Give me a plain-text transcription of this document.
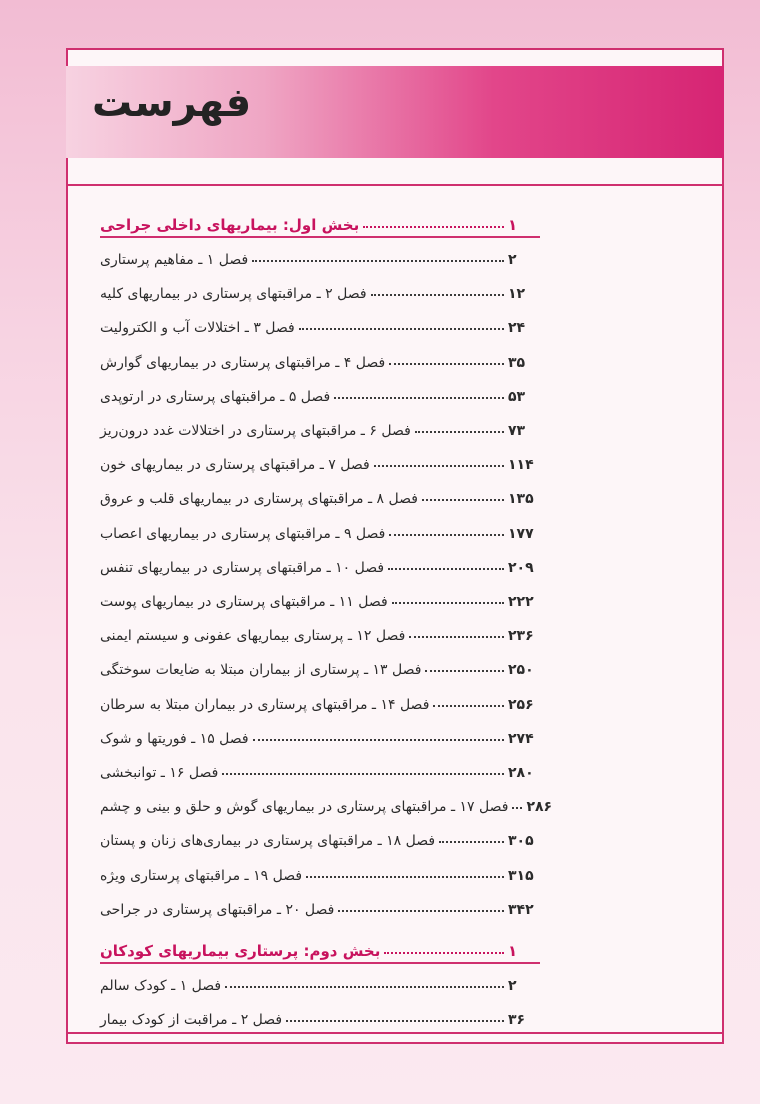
فهرست
بخش اول: بیماریهای داخلی جراحی	۱
فصل ۱ ـ مفاهیم پرستاری	۲
فصل ۲ ـ مراقبتهای پرستاری در بیماریهای کلیه	۱۲
فصل ۳ ـ اختلالات آب و الکترولیت	۲۴
فصل ۴ ـ مراقبتهای پرستاری در بیماریهای گوارش	۳۵
فصل ۵ ـ مراقبتهای پرستاری در ارتوپدی	۵۳
فصل ۶ ـ مراقبتهای پرستاری در اختلالات غدد درون‌ریز	۷۳
فصل ۷ ـ مراقبتهای پرستاری در بیماریهای خون	۱۱۴
فصل ۸ ـ مراقبتهای پرستاری در بیماریهای قلب و عروق	۱۳۵
فصل ۹ ـ مراقبتهای پرستاری در بیماریهای اعصاب	۱۷۷
فصل ۱۰ ـ مراقبتهای پرستاری در بیماریهای تنفس	۲۰۹
فصل ۱۱ ـ مراقبتهای پرستاری در بیماریهای پوست	۲۲۲
فصل ۱۲ ـ پرستاری بیماریهای عفونی و سیستم ایمنی	۲۳۶
فصل ۱۳ ـ پرستاری از بیماران مبتلا به ضایعات سوختگی	۲۵۰
فصل ۱۴ ـ مراقبتهای پرستاری در بیماران مبتلا به سرطان	۲۵۶
فصل ۱۵ ـ فوریتها و شوک	۲۷۴
فصل ۱۶ ـ توانبخشی	۲۸۰
فصل ۱۷ ـ مراقبتهای پرستاری در بیماریهای گوش و حلق و بینی و چشم ۲۸۶
فصل ۱۸ ـ مراقبتهای پرستاری در بیماری‌های زنان و پستان	۳۰۵
فصل ۱۹ ـ مراقبتهای پرستاری ویژه	۳۱۵
فصل ۲۰ ـ مراقبتهای پرستاری در جراحی	۳۴۲
بخش دوم: پرستاری بیماریهای کودکان	۱
فصل ۱ ـ کودک سالم	۲
فصل ۲ ـ مراقبت از کودک بیمار	۳۶
